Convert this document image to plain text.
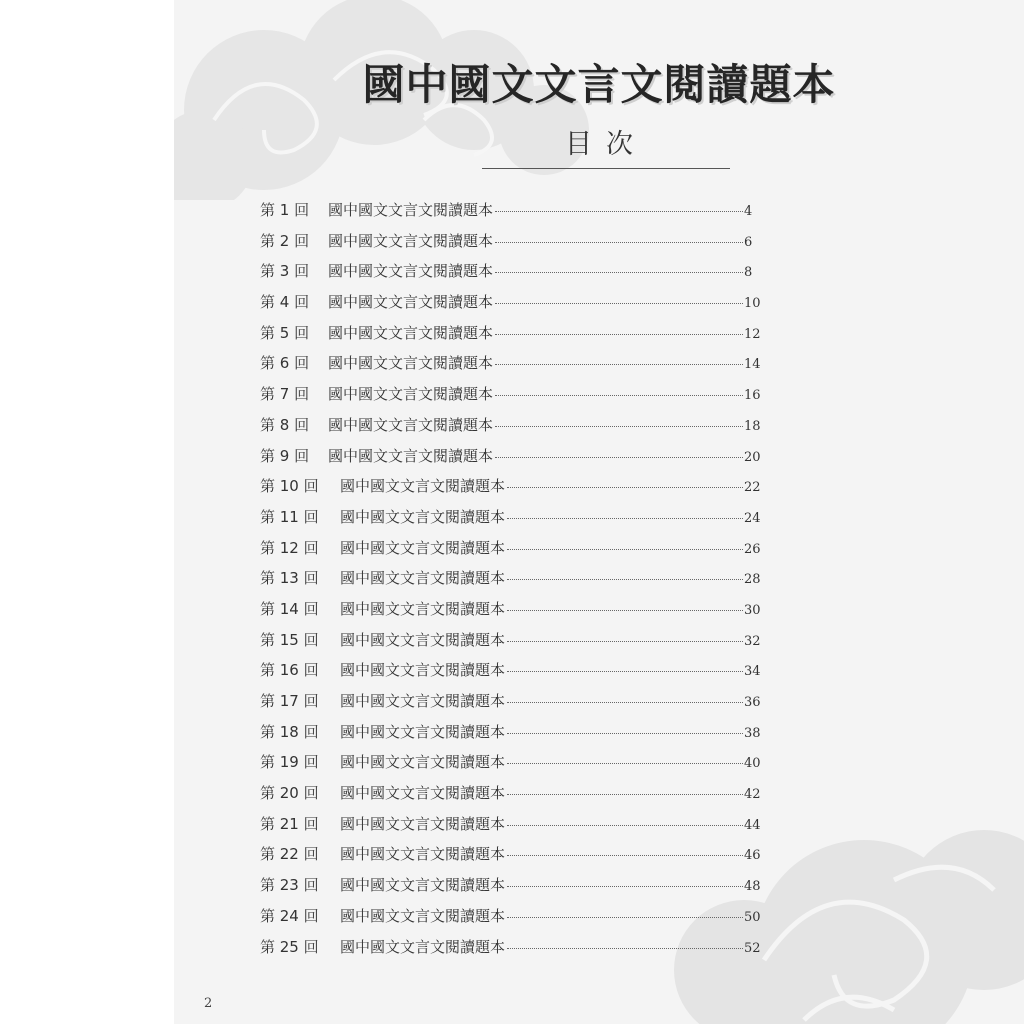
國中國文文言文閱讀題本
目次
第 1 回 國中國文文言文閱讀題本	4
第 2 回 國中國文文言文閱讀題本	6
第 3 回 國中國文文言文閱讀題本	8
第 4 回 國中國文文言文閱讀題本	10
第 5 回 國中國文文言文閱讀題本	12
第 6 回 國中國文文言文閱讀題本	14
第 7 回 國中國文文言文閱讀題本	16
第 8 回 國中國文文言文閱讀題本	18
第 9 回 國中國文文言文閱讀題本	20
第 10 回 國中國文文言文閱讀題本	22
第 11 回 國中國文文言文閱讀題本	24
第 12 回 國中國文文言文閱讀題本	26
第 13 回 國中國文文言文閱讀題本	28
第 14 回 國中國文文言文閱讀題本	30
第 15 回 國中國文文言文閱讀題本	32
第 16 回 國中國文文言文閱讀題本	34
第 17 回 國中國文文言文閱讀題本	36
第 18 回 國中國文文言文閱讀題本	38
第 19 回 國中國文文言文閱讀題本	40
第 20 回 國中國文文言文閱讀題本	42
第 21 回 國中國文文言文閱讀題本	44
第 22 回 國中國文文言文閱讀題本	46
第 23 回 國中國文文言文閱讀題本	48
第 24 回 國中國文文言文閱讀題本	50
第 25 回 國中國文文言文閱讀題本	52
2
